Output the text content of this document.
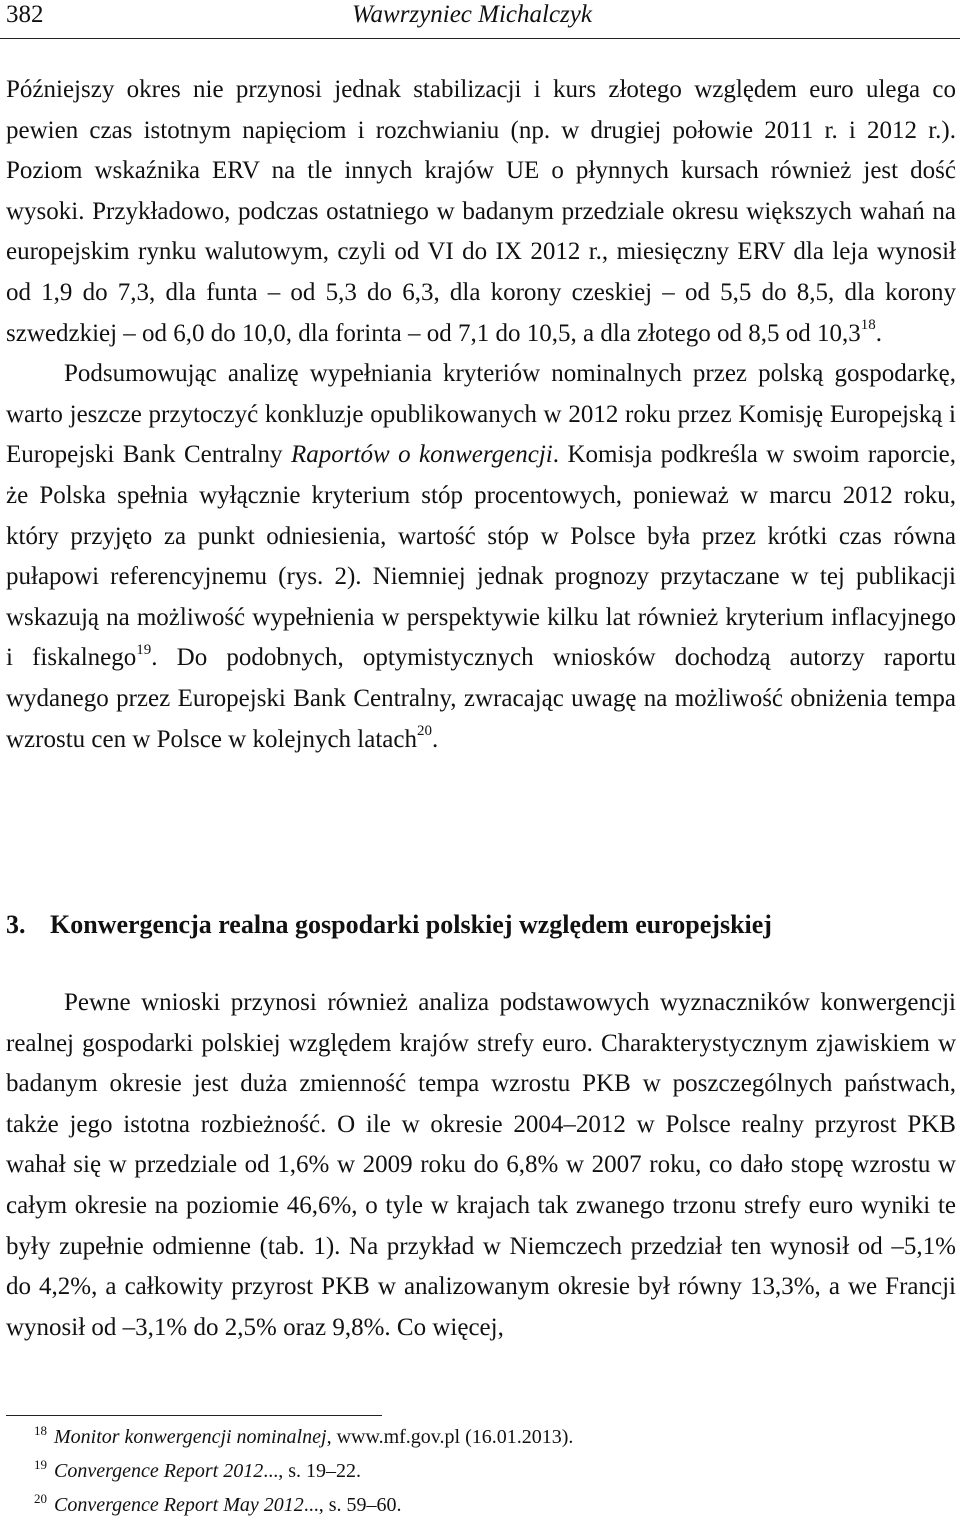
382	Wawrzyniec Michalczyk

Późniejszy okres nie przynosi jednak stabilizacji i kurs złotego względem euro ulega co pewien czas istotnym napięciom i rozchwianiu (np. w drugiej połowie 2011 r. i 2012 r.). Poziom wskaźnika ERV na tle innych krajów UE o płynnych kursach również jest dość wysoki. Przykładowo, podczas ostatniego w badanym przedziale okresu większych wahań na europejskim rynku walutowym, czyli od VI do IX 2012 r., miesięczny ERV dla leja wynosił od 1,9 do 7,3, dla funta – od 5,3 do 6,3, dla korony czeskiej – od 5,5 do 8,5, dla korony szwedzkiej – od 6,0 do 10,0, dla forinta – od 7,1 do 10,5, a dla złotego od 8,5 od 10,3$^{18}$.

Podsumowując analizę wypełniania kryteriów nominalnych przez polską gospodarkę, warto jeszcze przytoczyć konkluzje opublikowanych w 2012 roku przez Komisję Europejską i Europejski Bank Centralny Raportów o konwergencji. Komisja podkreśla w swoim raporcie, że Polska spełnia wyłącznie kryterium stóp procentowych, ponieważ w marcu 2012 roku, który przyjęto za punkt odniesienia, wartość stóp w Polsce była przez krótki czas równa pułapowi referencyjnemu (rys. 2). Niemniej jednak prognozy przytaczane w tej publikacji wskazują na możliwość wypełnienia w perspektywie kilku lat również kryterium inflacyjnego i fiskalnego$^{19}$. Do podobnych, optymistycznych wniosków dochodzą autorzy raportu wydanego przez Europejski Bank Centralny, zwracając uwagę na możliwość obniżenia tempa wzrostu cen w Polsce w kolejnych latach$^{20}$.

3. Konwergencja realna gospodarki polskiej względem europejskiej

Pewne wnioski przynosi również analiza podstawowych wyznaczników konwergencji realnej gospodarki polskiej względem krajów strefy euro. Charakterystycznym zjawiskiem w badanym okresie jest duża zmienność tempa wzrostu PKB w poszczególnych państwach, także jego istotna rozbieżność. O ile w okresie 2004–2012 w Polsce realny przyrost PKB wahał się w przedziale od 1,6% w 2009 roku do 6,8% w 2007 roku, co dało stopę wzrostu w całym okresie na poziomie 46,6%, o tyle w krajach tak zwanego trzonu strefy euro wyniki te były zupełnie odmienne (tab. 1). Na przykład w Niemczech przedział ten wynosił od –5,1% do 4,2%, a całkowity przyrost PKB w analizowanym okresie był równy 13,3%, a we Francji wynosił od –3,1% do 2,5% oraz 9,8%. Co więcej,

18 Monitor konwergencji nominalnej, www.mf.gov.pl (16.01.2013).
19 Convergence Report 2012..., s. 19–22.
20 Convergence Report May 2012..., s. 59–60.
